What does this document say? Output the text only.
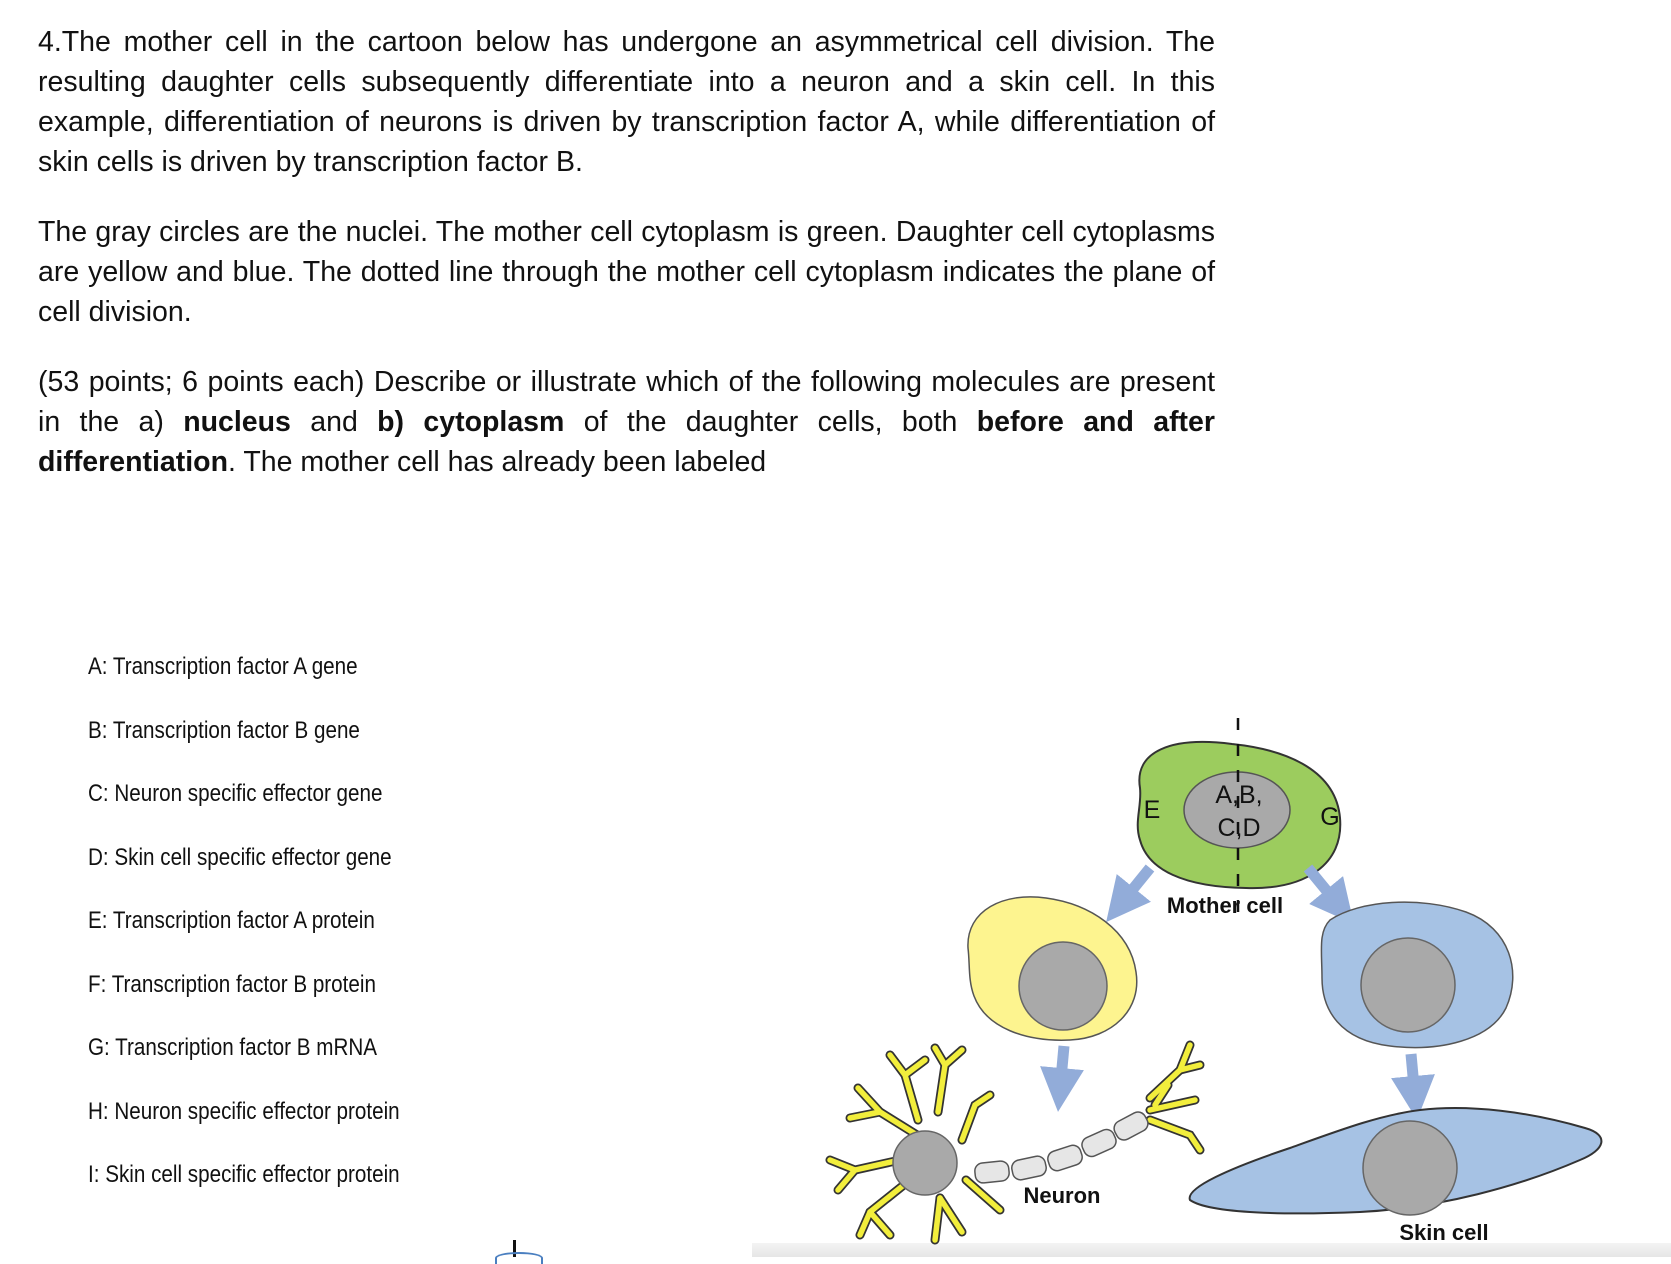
4.The mother cell in the cartoon below has undergone an asymmetrical cell division. The resulting daughter cells subsequently differentiate into a neuron and a skin cell. In this example, differentiation of neurons is driven by transcription factor A, while differentiation of skin cells is driven by transcription factor B.

The gray circles are the nuclei. The mother cell cytoplasm is green. Daughter cell cytoplasms are yellow and blue. The dotted line through the mother cell cytoplasm indicates the plane of cell division.

(53 points; 6 points each) Describe or illustrate which of the following molecules are present in the a) nucleus and b) cytoplasm of the daughter cells, both before and after differentiation. The mother cell has already been labeled

A: Transcription factor A gene
B: Transcription factor B gene
C: Neuron specific effector gene
D: Skin cell specific effector gene
E: Transcription factor A protein
F: Transcription factor B protein
G: Transcription factor B mRNA
H: Neuron specific effector protein
I: Skin cell specific effector protein
A,B,
C,D
E	G
Mother cell
Neuron
Skin cell
